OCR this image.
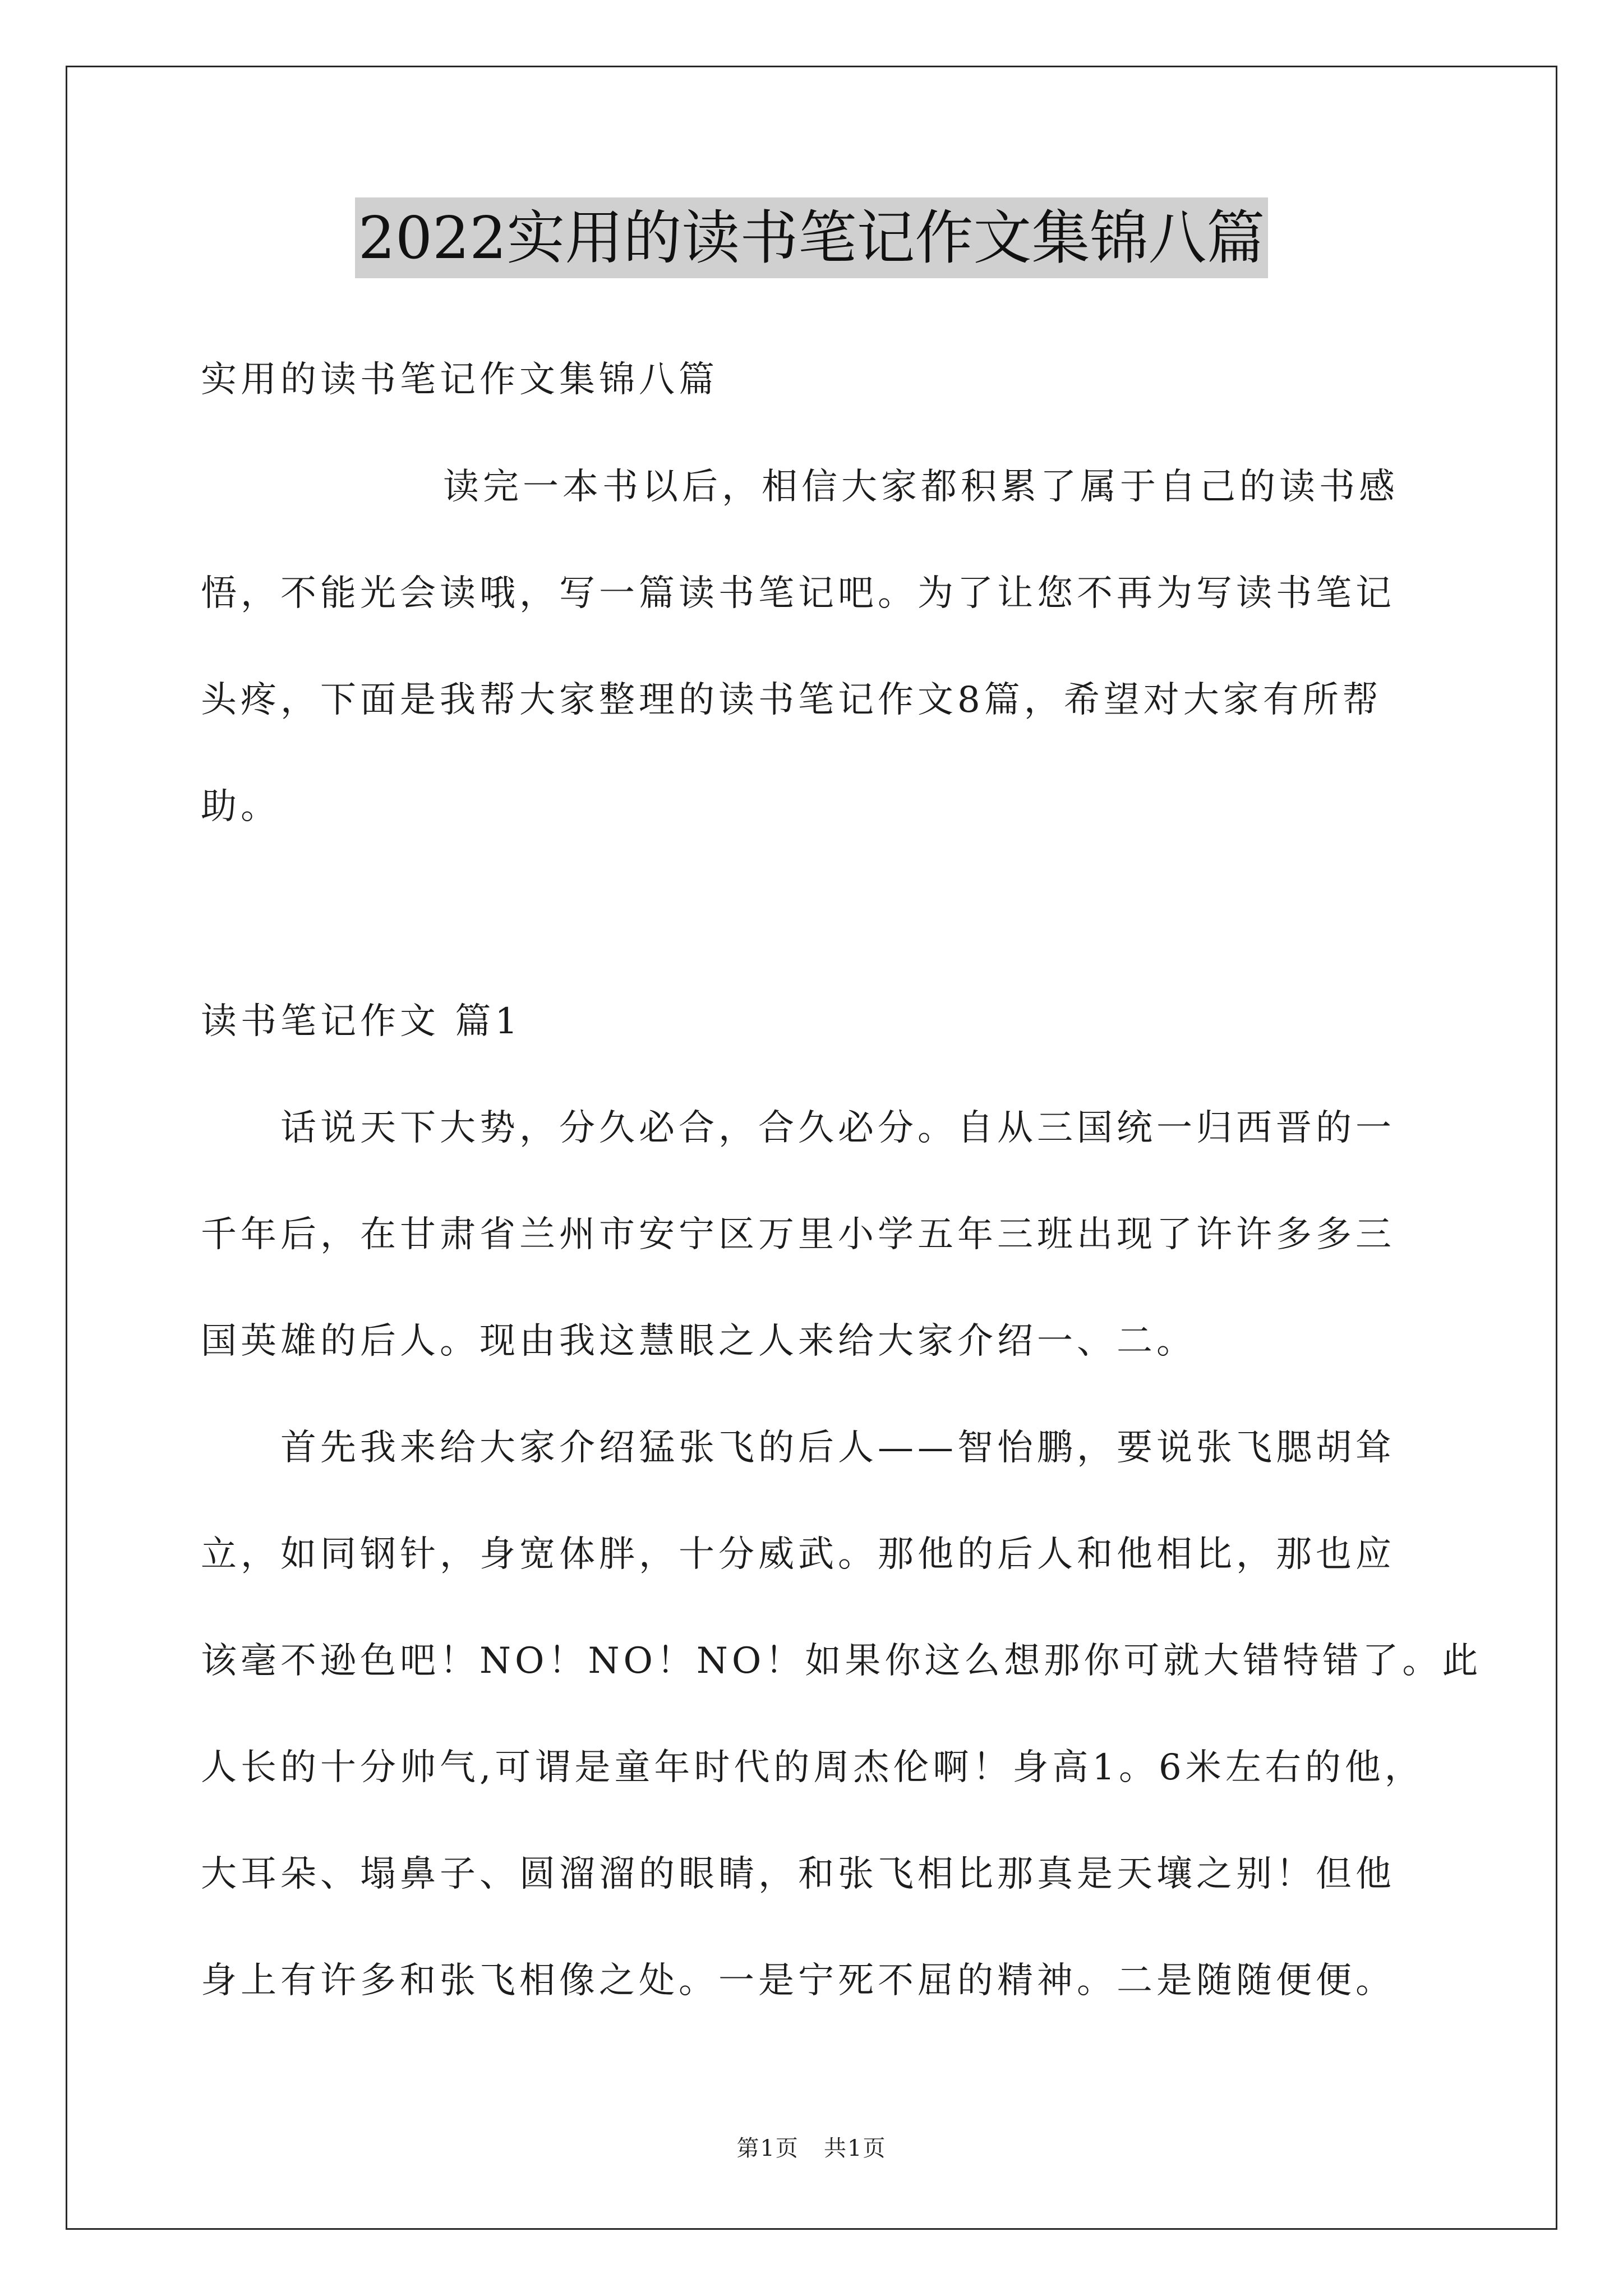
2022实用的读书笔记作文集锦八篇
实用的读书笔记作文集锦八篇
读完一本书以后，相信大家都积累了属于自己的读书感
悟，不能光会读哦，写一篇读书笔记吧。为了让您不再为写读书笔记
头疼，下面是我帮大家整理的读书笔记作文8篇，希望对大家有所帮
助。
读书笔记作文 篇1
话说天下大势，分久必合，合久必分。自从三国统一归西晋的一
千年后，在甘肃省兰州市安宁区万里小学五年三班出现了许许多多三
国英雄的后人。现由我这慧眼之人来给大家介绍一、二。
首先我来给大家介绍猛张飞的后人——智怡鹏，要说张飞腮胡耸
立，如同钢针，身宽体胖，十分威武。那他的后人和他相比，那也应
该毫不逊色吧！NO！NO！NO！如果你这么想那你可就大错特错了。此
人长的十分帅气,可谓是童年时代的周杰伦啊！身高1。6米左右的他，
大耳朵、塌鼻子、圆溜溜的眼睛，和张飞相比那真是天壤之别！但他
身上有许多和张飞相像之处。一是宁死不屈的精神。二是随随便便。
第1页   共1页
